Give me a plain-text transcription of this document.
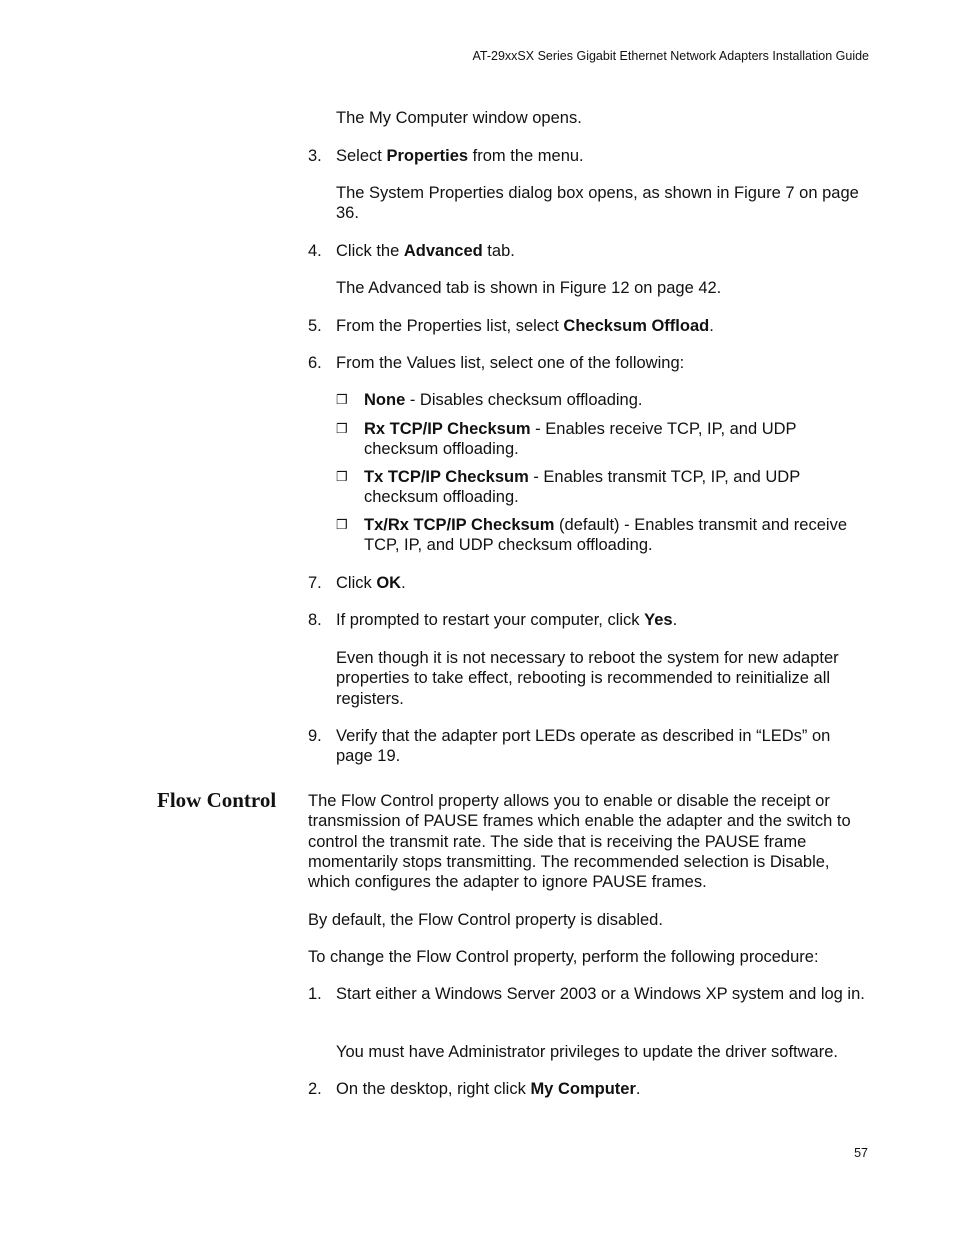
AT-29xxSX Series Gigabit Ethernet Network Adapters Installation Guide
The My Computer window opens.
3. Select Properties from the menu.
The System Properties dialog box opens, as shown in Figure 7 on page 36.
4. Click the Advanced tab.
The Advanced tab is shown in Figure 12 on page 42.
5. From the Properties list, select Checksum Offload.
6. From the Values list, select one of the following:
❒ None - Disables checksum offloading.
❒ Rx TCP/IP Checksum - Enables receive TCP, IP, and UDP checksum offloading.
❒ Tx TCP/IP Checksum - Enables transmit TCP, IP, and UDP checksum offloading.
❒ Tx/Rx TCP/IP Checksum (default) - Enables transmit and receive TCP, IP, and UDP checksum offloading.
7. Click OK.
8. If prompted to restart your computer, click Yes.
Even though it is not necessary to reboot the system for new adapter properties to take effect, rebooting is recommended to reinitialize all registers.
9. Verify that the adapter port LEDs operate as described in “LEDs” on page 19.
Flow Control The Flow Control property allows you to enable or disable the receipt or transmission of PAUSE frames which enable the adapter and the switch to control the transmit rate. The side that is receiving the PAUSE frame momentarily stops transmitting. The recommended selection is Disable, which configures the adapter to ignore PAUSE frames.
By default, the Flow Control property is disabled.
To change the Flow Control property, perform the following procedure:
1. Start either a Windows Server 2003 or a Windows XP system and log in.
You must have Administrator privileges to update the driver software.
2. On the desktop, right click My Computer.
57
